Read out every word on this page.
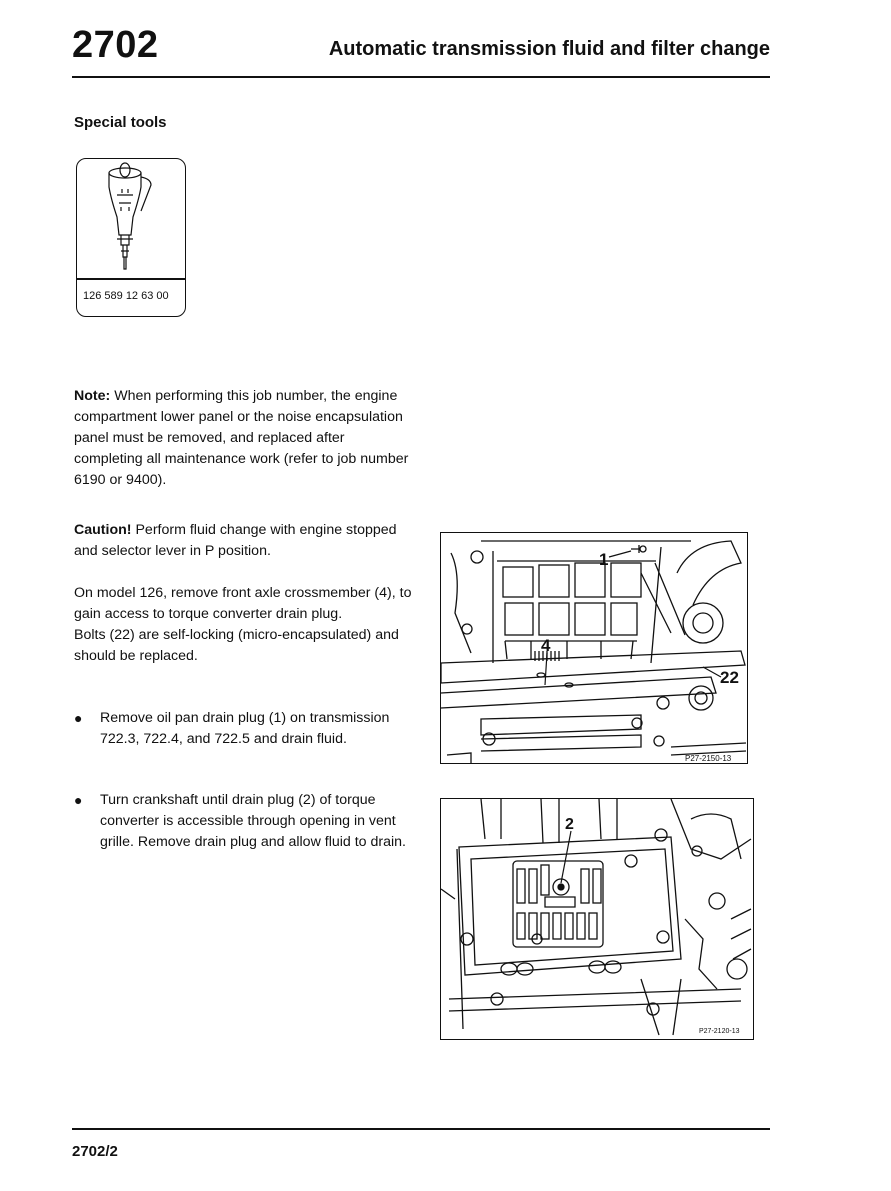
2702	Automatic transmission fluid and filter change
Special tools
126 589 12 63 00
Note: When performing this job number, the engine compartment lower panel or the noise encapsulation panel must be removed, and replaced after completing all maintenance work (refer to job number 6190 or 9400).
Caution! Perform fluid change with engine stopped and selector lever in P position.
On model 126, remove front axle crossmember (4), to gain access to torque converter drain plug.
Bolts (22) are self-locking (micro-encapsulated) and should be replaced.
● Remove oil pan drain plug (1) on transmission 722.3, 722.4, and 722.5 and drain fluid.
● Turn crankshaft until drain plug (2) of torque converter is accessible through opening in vent grille. Remove drain plug and allow fluid to drain.
1
4
22
P27-2150-13
2
P27-2120-13
2702/2
